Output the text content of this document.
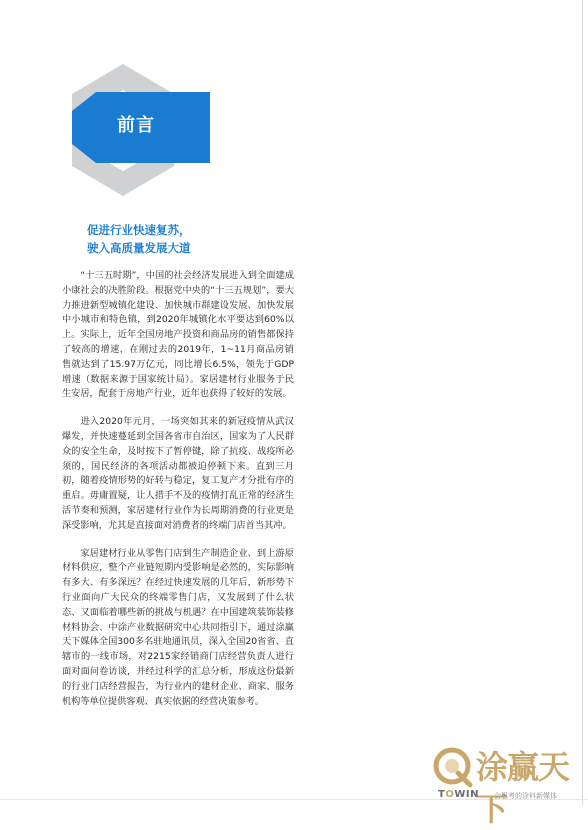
前言
促进行业快速复苏，
驶入高质量发展大道

“十三五时期”，中国的社会经济发展进入到全面建成小康社会的决胜阶段。根据党中央的“十三五规划”，要大力推进新型城镇化建设、加快城市群建设发展、加快发展中小城市和特色镇，到2020年城镇化水平要达到60%以上。实际上，近年全国房地产投资和商品房的销售都保持了较高的增速，在刚过去的2019年，1~11月商品房销售就达到了15.97万亿元，同比增长6.5%，领先于GDP增速（数据来源于国家统计局）。家居建材行业服务于民生安居，配套于房地产行业，近年也获得了较好的发展。

进入2020年元月，一场突如其来的新冠疫情从武汉爆发，并快速蔓延到全国各省市自治区，国家为了人民群众的安全生命，及时按下了暂停键，除了抗疫、战疫所必须的，国民经济的各项活动都被迫停顿下来。直到三月初，随着疫情形势的好转与稳定，复工复产才分批有序的重启。毋庸置疑，让人措手不及的疫情打乱正常的经济生活节奏和预测，家居建材行业作为长周期消费的行业更是深受影响，尤其是直接面对消费者的终端门店首当其冲。

家居建材行业从零售门店到生产制造企业、到上游原材料供应，整个产业链短期内受影响是必然的，实际影响有多大、有多深远？在经过快速发展的几年后，新形势下行业面向广大民众的终端零售门店，又发展到了什么状态、又面临着哪些新的挑战与机遇？在中国建筑装饰装修材料协会、中涂产业数据研究中心共同指引下，通过涂赢天下媒体全国300多名驻地通讯员，深入全国20省省、直辖市的一线市场，对2215家经销商门店经营负责人进行面对面问卷访谈，并经过科学的汇总分析，形成这份最新的行业门店经营报告，为行业内的建材企业、商家、服务机构等单位提供客观、真实依据的经营决策参考。

涂赢天下
TOWIN 会思考的涂料新媒体
